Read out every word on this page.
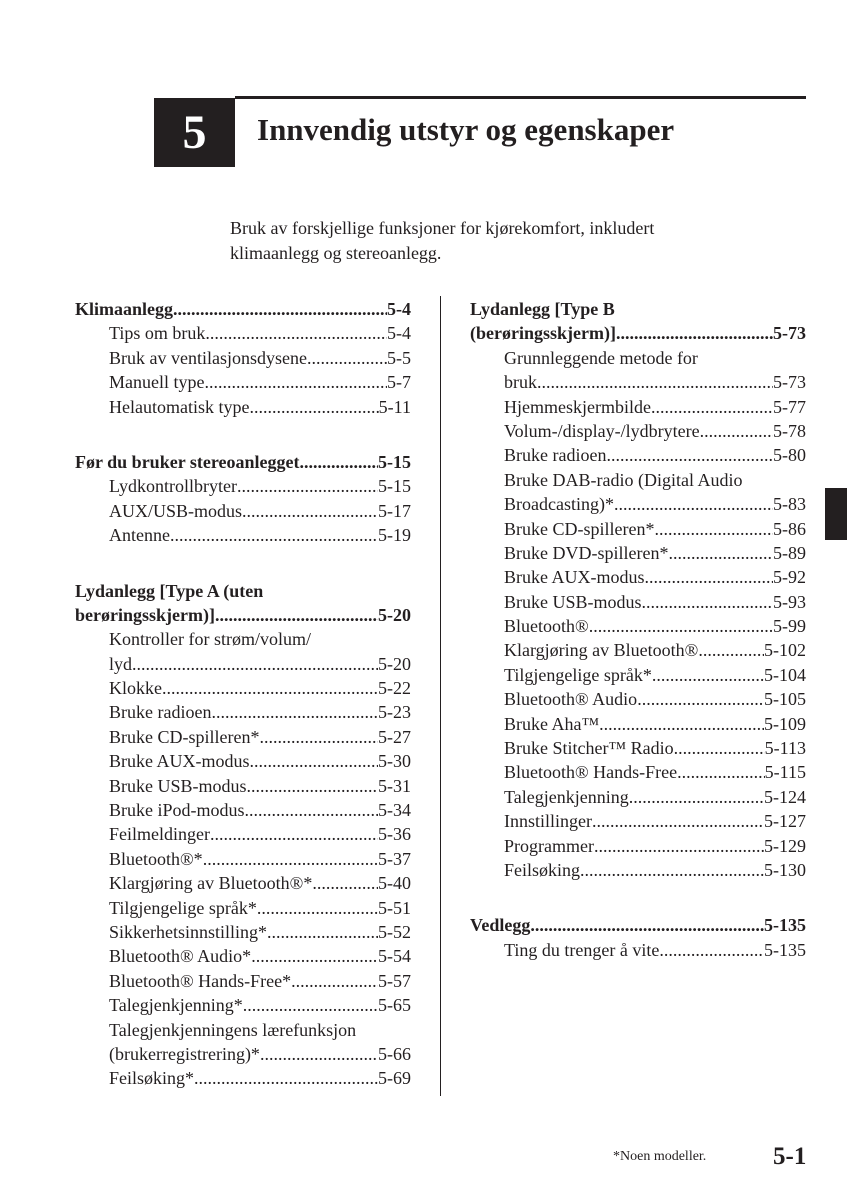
5 Innvendig utstyr og egenskaper
Bruk av forskjellige funksjoner for kjørekomfort, inkludert
klimaanlegg og stereoanlegg.
Klimaanlegg .....	5-4
Tips om bruk .....	5-4
Bruk av ventilasjonsdysene .....	5-5
Manuell type .....	5-7
Helautomatisk type .....	5-11
Før du bruker stereoanlegget .....	5-15
Lydkontrollbryter .....	5-15
AUX/USB-modus .....	5-17
Antenne .....	5-19
Lydanlegg [Type A (uten
berøringsskjerm)] .....	5-20
Kontroller for strøm/volum/
lyd .....	5-20
Klokke .....	5-22
Bruke radioen .....	5-23
Bruke CD-spilleren* .....	5-27
Bruke AUX-modus .....	5-30
Bruke USB-modus .....	5-31
Bruke iPod-modus .....	5-34
Feilmeldinger .....	5-36
Bluetooth®* .....	5-37
Klargjøring av Bluetooth®* .....	5-40
Tilgjengelige språk* .....	5-51
Sikkerhetsinnstilling* .....	5-52
Bluetooth® Audio* .....	5-54
Bluetooth® Hands-Free* .....	5-57
Talegjenkjenning* .....	5-65
Talegjenkjenningens lærefunksjon
(brukerregistrering)* .....	5-66
Feilsøking* .....	5-69
Lydanlegg [Type B
(berøringsskjerm)] .....	5-73
Grunnleggende metode for
bruk .....	5-73
Hjemmeskjermbilde .....	5-77
Volum-/display-/lydbrytere .....	5-78
Bruke radioen .....	5-80
Bruke DAB-radio (Digital Audio
Broadcasting)* .....	5-83
Bruke CD-spilleren* .....	5-86
Bruke DVD-spilleren* .....	5-89
Bruke AUX-modus .....	5-92
Bruke USB-modus .....	5-93
Bluetooth® .....	5-99
Klargjøring av Bluetooth® .....	5-102
Tilgjengelige språk* .....	5-104
Bluetooth® Audio .....	5-105
Bruke Aha™ .....	5-109
Bruke Stitcher™ Radio .....	5-113
Bluetooth® Hands-Free .....	5-115
Talegjenkjenning .....	5-124
Innstillinger .....	5-127
Programmer .....	5-129
Feilsøking .....	5-130
Vedlegg .....	5-135
Ting du trenger å vite .....	5-135
*Noen modeller.	5-1
